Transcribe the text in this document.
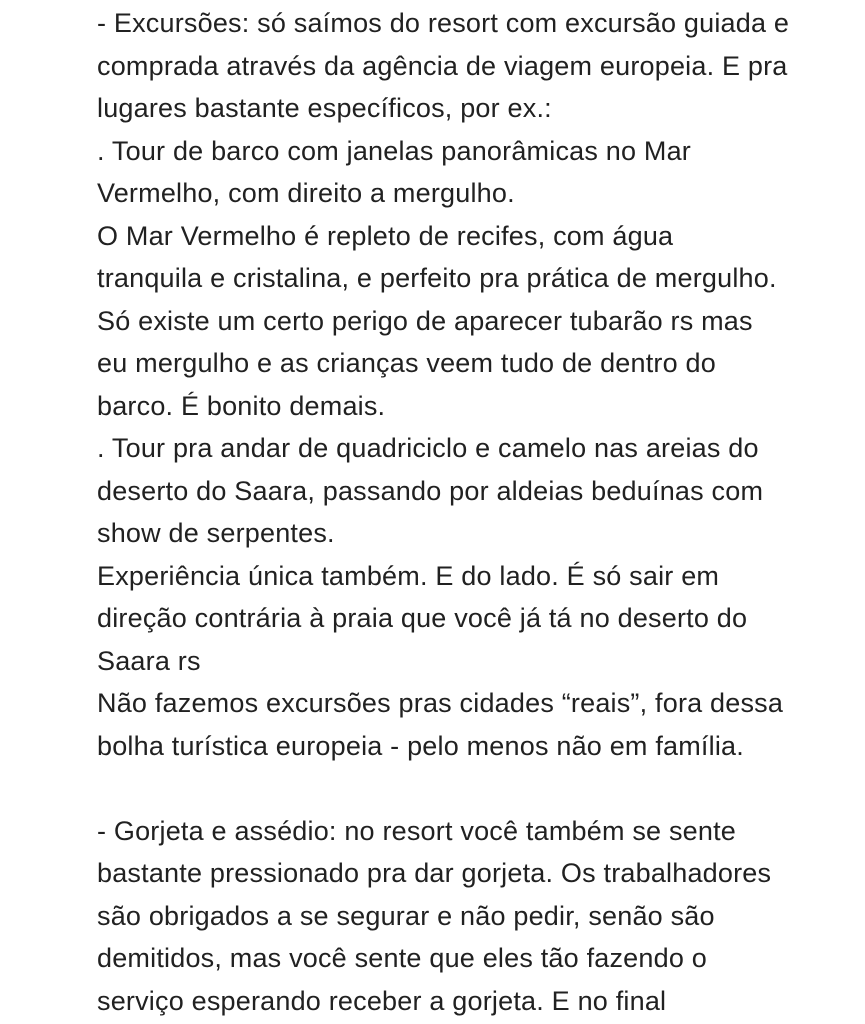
- Excursões: só saímos do resort com excursão guiada e
comprada através da agência de viagem europeia. E pra
lugares bastante específicos, por ex.:
. Tour de barco com janelas panorâmicas no Mar
Vermelho, com direito a mergulho.
O Mar Vermelho é repleto de recifes, com água
tranquila e cristalina, e perfeito pra prática de mergulho.
Só existe um certo perigo de aparecer tubarão rs mas
eu mergulho e as crianças veem tudo de dentro do
barco. É bonito demais.
. Tour pra andar de quadriciclo e camelo nas areias do
deserto do Saara, passando por aldeias beduínas com
show de serpentes.
Experiência única também. E do lado. É só sair em
direção contrária à praia que você já tá no deserto do
Saara rs
Não fazemos excursões pras cidades “reais”, fora dessa
bolha turística europeia - pelo menos não em família.
- Gorjeta e assédio: no resort você também se sente
bastante pressionado pra dar gorjeta. Os trabalhadores
são obrigados a se segurar e não pedir, senão são
demitidos, mas você sente que eles tão fazendo o
serviço esperando receber a gorjeta. E no final
